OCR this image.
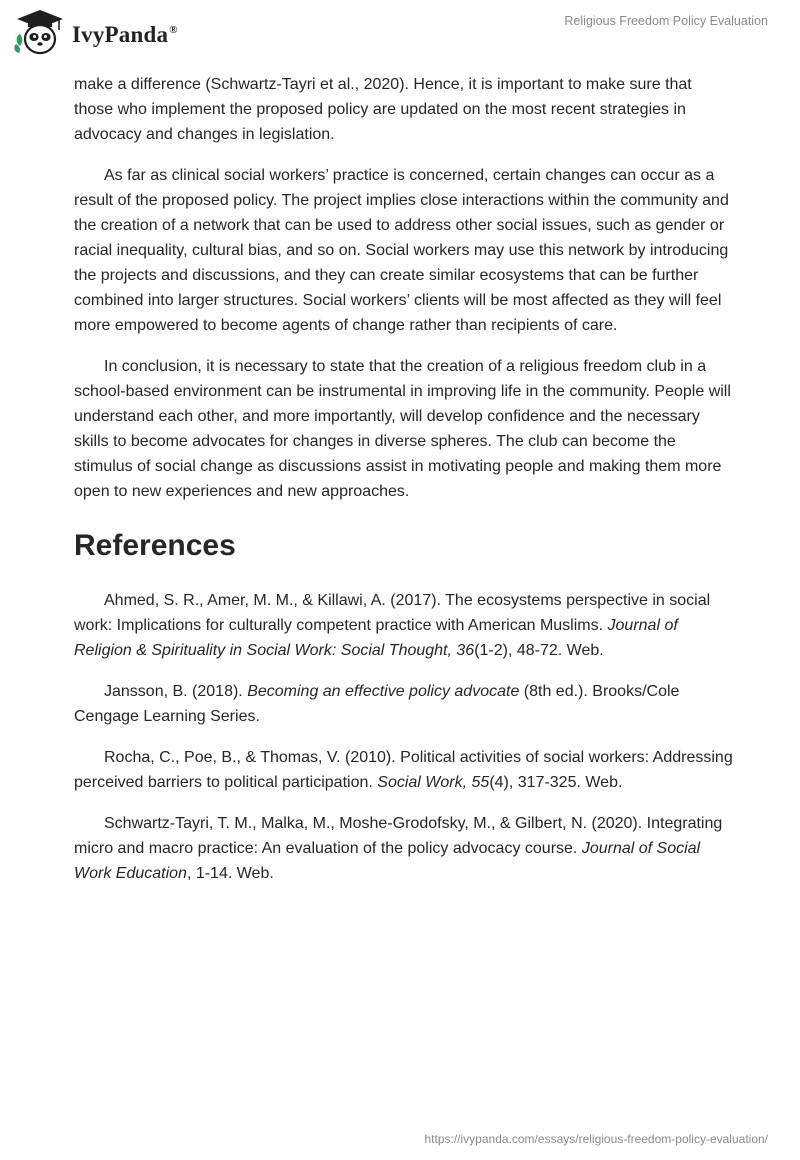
IvyPanda®
Religious Freedom Policy Evaluation

make a difference (Schwartz-Tayri et al., 2020). Hence, it is important to make sure that those who implement the proposed policy are updated on the most recent strategies in advocacy and changes in legislation.

As far as clinical social workers’ practice is concerned, certain changes can occur as a result of the proposed policy. The project implies close interactions within the community and the creation of a network that can be used to address other social issues, such as gender or racial inequality, cultural bias, and so on. Social workers may use this network by introducing the projects and discussions, and they can create similar ecosystems that can be further combined into larger structures. Social workers’ clients will be most affected as they will feel more empowered to become agents of change rather than recipients of care.

In conclusion, it is necessary to state that the creation of a religious freedom club in a school-based environment can be instrumental in improving life in the community. People will understand each other, and more importantly, will develop confidence and the necessary skills to become advocates for changes in diverse spheres. The club can become the stimulus of social change as discussions assist in motivating people and making them more open to new experiences and new approaches.

References
Ahmed, S. R., Amer, M. M., & Killawi, A. (2017). The ecosystems perspective in social work: Implications for culturally competent practice with American Muslims. Journal of Religion & Spirituality in Social Work: Social Thought, 36(1-2), 48-72. Web.
Jansson, B. (2018). Becoming an effective policy advocate (8th ed.). Brooks/Cole Cengage Learning Series.
Rocha, C., Poe, B., & Thomas, V. (2010). Political activities of social workers: Addressing perceived barriers to political participation. Social Work, 55(4), 317-325. Web.
Schwartz-Tayri, T. M., Malka, M., Moshe-Grodofsky, M., & Gilbert, N. (2020). Integrating micro and macro practice: An evaluation of the policy advocacy course. Journal of Social Work Education, 1-14. Web.
https://ivypanda.com/essays/religious-freedom-policy-evaluation/
